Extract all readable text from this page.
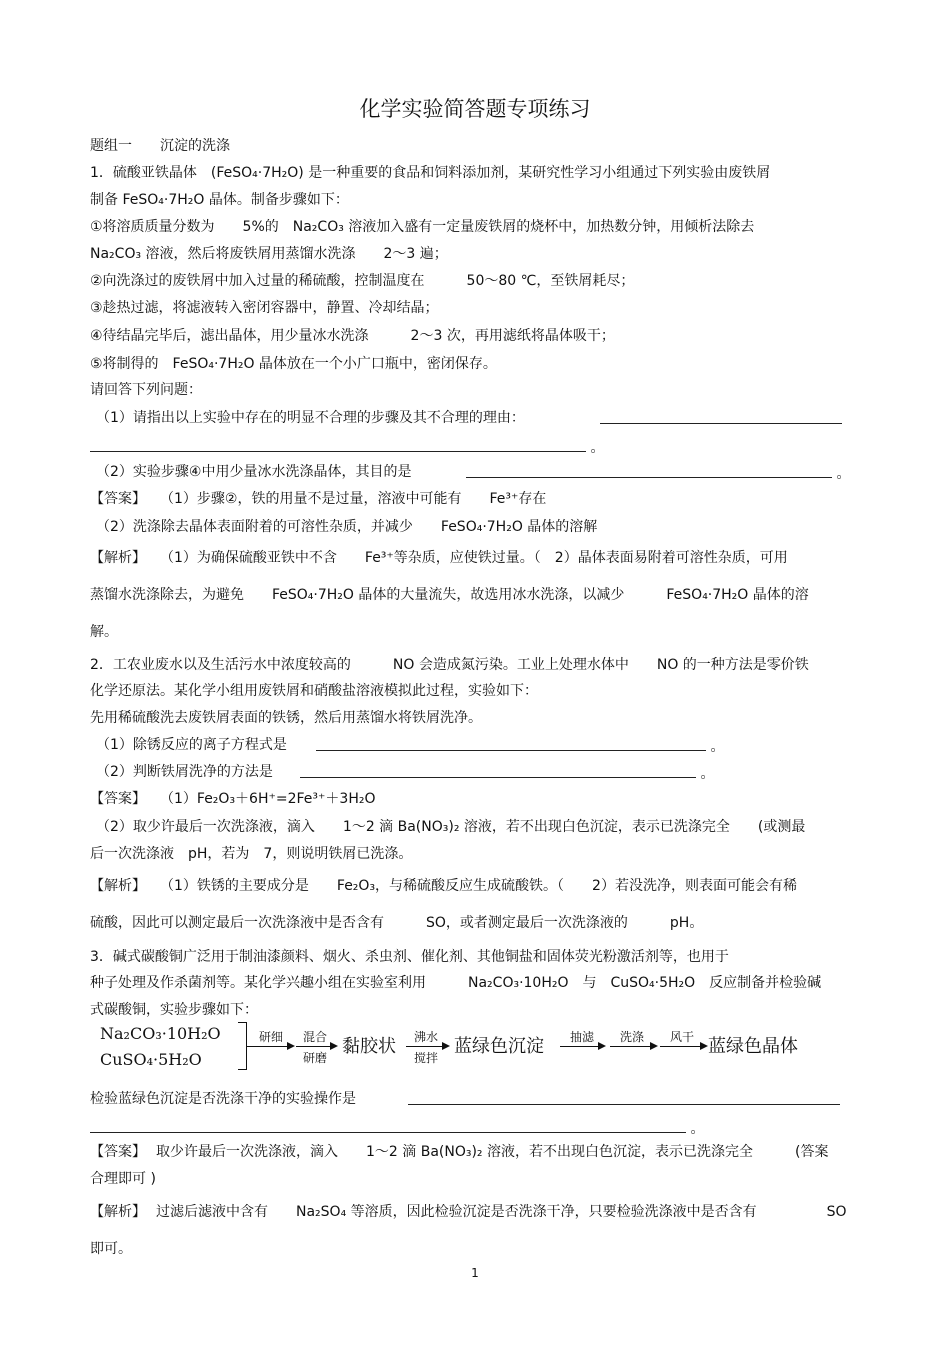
化学实验简答题专项练习
题组一　　沉淀的洗涤
1．硫酸亚铁晶体　(FeSO₄·7H₂O) 是一种重要的食品和饲料添加剂，某研究性学习小组通过下列实验由废铁屑
制备 FeSO₄·7H₂O 晶体。制备步骤如下：
①将溶质质量分数为　　5%的　Na₂CO₃ 溶液加入盛有一定量废铁屑的烧杯中，加热数分钟，用倾析法除去
Na₂CO₃ 溶液，然后将废铁屑用蒸馏水洗涤　　2～3 遍；
②向洗涤过的废铁屑中加入过量的稀硫酸，控制温度在　　　50～80 ℃，至铁屑耗尽；
③趁热过滤，将滤液转入密闭容器中，静置、冷却结晶；
④待结晶完毕后，滤出晶体，用少量冰水洗涤　　　2～3 次，再用滤纸将晶体吸干；
⑤将制得的　FeSO₄·7H₂O 晶体放在一个小广口瓶中，密闭保存。
请回答下列问题：
（1）请指出以上实验中存在的明显不合理的步骤及其不合理的理由：
。
（2）实验步骤④中用少量冰水洗涤晶体，其目的是	。
【答案】 （1）步骤②，铁的用量不是过量，溶液中可能有　　Fe³⁺存在
（2）洗涤除去晶体表面附着的可溶性杂质，并减少　　FeSO₄·7H₂O 晶体的溶解
【解析】 （1）为确保硫酸亚铁中不含　　Fe³⁺等杂质，应使铁过量。（　2）晶体表面易附着可溶性杂质，可用
蒸馏水洗涤除去，为避免　　FeSO₄·7H₂O 晶体的大量流失，故选用冰水洗涤，以减少　　　FeSO₄·7H₂O 晶体的溶
解。
2．工农业废水以及生活污水中浓度较高的　　　NO 会造成氮污染。工业上处理水体中　　NO 的一种方法是零价铁
化学还原法。某化学小组用废铁屑和硝酸盐溶液模拟此过程，实验如下：
先用稀硫酸洗去废铁屑表面的铁锈，然后用蒸馏水将铁屑洗净。
（1）除锈反应的离子方程式是	。
（2）判断铁屑洗净的方法是	。
【答案】 （1）Fe₂O₃＋6H⁺=2Fe³⁺＋3H₂O
（2）取少许最后一次洗涤液，滴入　　1～2 滴 Ba(NO₃)₂ 溶液，若不出现白色沉淀，表示已洗涤完全　　(或测最
后一次洗涤液　pH，若为　7，则说明铁屑已洗涤。
【解析】 （1）铁锈的主要成分是　　Fe₂O₃，与稀硫酸反应生成硫酸铁。（　　2）若没洗净，则表面可能会有稀
硫酸，因此可以测定最后一次洗涤液中是否含有　　　SO，或者测定最后一次洗涤液的　　　pH。
3．碱式碳酸铜广泛用于制油漆颜料、烟火、杀虫剂、催化剂、其他铜盐和固体荧光粉激活剂等，也用于
种子处理及作杀菌剂等。某化学兴趣小组在实验室利用　　　Na₂CO₃·10H₂O　与　CuSO₄·5H₂O　反应制备并检验碱
式碳酸铜，实验步骤如下：
Na₂CO₃·10H₂O
CuSO₄·5H₂O
研细	混合
研磨
黏胶状	沸水
搅拌
蓝绿色沉淀	抽滤	洗涤	风干 蓝绿色晶体
检验蓝绿色沉淀是否洗涤干净的实验操作是
。
【答案】 取少许最后一次洗涤液，滴入　　1～2 滴 Ba(NO₃)₂ 溶液，若不出现白色沉淀，表示已洗涤完全　　　(答案
合理即可 )
【解析】 过滤后滤液中含有　　Na₂SO₄ 等溶质，因此检验沉淀是否洗涤干净，只要检验洗涤液中是否含有　　　　　SO
即可。
1
